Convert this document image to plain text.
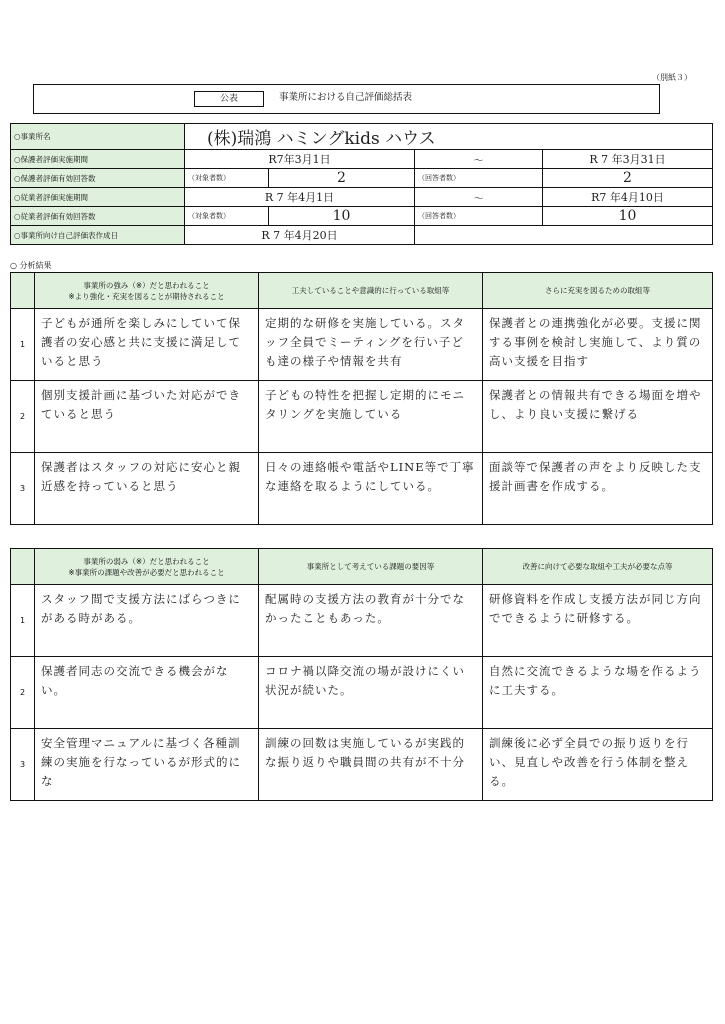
（別紙３）
公表	事業所における自己評価総括表
○事業所名	(株)瑞鴻 ハミングkids ハウス			
○保護者評価実施期間	R7年3月1日		～	R 7 年3月31日
○保護者評価有効回答数	（対象者数）	2	（回答者数）	2
○従業者評価実施期間	R 7 年4月1日		～	R7 年4月10日
○従業者評価有効回答数	（対象者数）	10	（回答者数）	10
○事業所向け自己評価表作成日	R 7 年4月20日			
○ 分析結果

	事業所の強み（※）だと思われること
※より強化・充実を図ることが期待されること	工夫していることや意識的に行っている取組等	さらに充実を図るための取組等
1	子どもが通所を楽しみにしていて保護者の安心感と共に支援に満足していると思う	定期的な研修を実施している。スタッフ全員でミーティングを行い子ども達の様子や情報を共有	保護者との連携強化が必要。支援に関する事例を検討し実施して、より質の高い支援を目指す
2	個別支援計画に基づいた対応ができていると思う	子どもの特性を把握し定期的にモニタリングを実施している	保護者との情報共有できる場面を増やし、より良い支援に繋げる
3	保護者はスタッフの対応に安心と親近感を持っていると思う	日々の連絡帳や電話やLINE等で丁寧な連絡を取るようにしている。	面談等で保護者の声をより反映した支援計画書を作成する。

	事業所の弱み（※）だと思われること
※事業所の課題や改善が必要だと思われること	事業所として考えている課題の要因等	改善に向けて必要な取組や工夫が必要な点等
1	スタッフ間で支援方法にばらつきにがある時がある。	配属時の支援方法の教育が十分でなかったこともあった。	研修資料を作成し支援方法が同じ方向でできるように研修する。
2	保護者同志の交流できる機会がない。	コロナ禍以降交流の場が設けにくい状況が続いた。	自然に交流できるような場を作るように工夫する。
3	安全管理マニュアルに基づく各種訓練の実施を行なっているが形式的にな	訓練の回数は実施しているが実践的な振り返りや職員間の共有が不十分	訓練後に必ず全員での振り返りを行い、見直しや改善を行う体制を整える。
